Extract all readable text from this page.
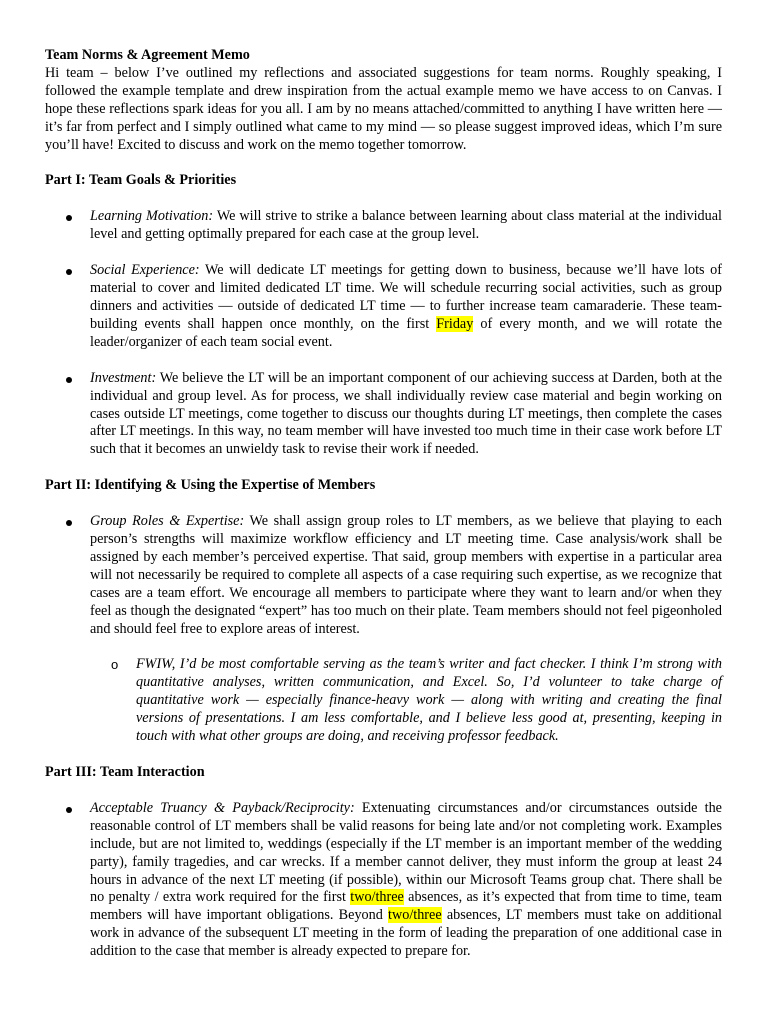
Team Norms & Agreement Memo

Hi team – below I’ve outlined my reflections and associated suggestions for team norms. Roughly speaking, I followed the example template and drew inspiration from the actual example memo we have access to on Canvas. I hope these reflections spark ideas for you all. I am by no means attached/committed to anything I have written here — it’s far from perfect and I simply outlined what came to my mind — so please suggest improved ideas, which I’m sure you’ll have! Excited to discuss and work on the memo together tomorrow.

Part I: Team Goals & Priorities

Learning Motivation: We will strive to strike a balance between learning about class material at the individual level and getting optimally prepared for each case at the group level.
Social Experience: We will dedicate LT meetings for getting down to business, because we’ll have lots of material to cover and limited dedicated LT time. We will schedule recurring social activities, such as group dinners and activities — outside of dedicated LT time — to further increase team camaraderie. These team-building events shall happen once monthly, on the first Friday of every month, and we will rotate the leader/organizer of each team social event.
Investment: We believe the LT will be an important component of our achieving success at Darden, both at the individual and group level. As for process, we shall individually review case material and begin working on cases outside LT meetings, come together to discuss our thoughts during LT meetings, then complete the cases after LT meetings. In this way, no team member will have invested too much time in their case work before LT such that it becomes an unwieldy task to revise their work if needed.

Part II: Identifying & Using the Expertise of Members

Group Roles & Expertise: We shall assign group roles to LT members, as we believe that playing to each person’s strengths will maximize workflow efficiency and LT meeting time. Case analysis/work shall be assigned by each member’s perceived expertise. That said, group members with expertise in a particular area will not necessarily be required to complete all aspects of a case requiring such expertise, as we recognize that cases are a team effort. We encourage all members to participate where they want to learn and/or when they feel as though the designated “expert” has too much on their plate. Team members should not feel pigeonholed and should feel free to explore areas of interest.
o FWIW, I’d be most comfortable serving as the team’s writer and fact checker. I think I’m strong with quantitative analyses, written communication, and Excel. So, I’d volunteer to take charge of quantitative work — especially finance-heavy work — along with writing and creating the final versions of presentations. I am less comfortable, and I believe less good at, presenting, keeping in touch with what other groups are doing, and receiving professor feedback.

Part III: Team Interaction

Acceptable Truancy & Payback/Reciprocity: Extenuating circumstances and/or circumstances outside the reasonable control of LT members shall be valid reasons for being late and/or not completing work. Examples include, but are not limited to, weddings (especially if the LT member is an important member of the wedding party), family tragedies, and car wrecks. If a member cannot deliver, they must inform the group at least 24 hours in advance of the next LT meeting (if possible), within our Microsoft Teams group chat. There shall be no penalty / extra work required for the first two/three absences, as it’s expected that from time to time, team members will have important obligations. Beyond two/three absences, LT members must take on additional work in advance of the subsequent LT meeting in the form of leading the preparation of one additional case in addition to the case that member is already expected to prepare for.
